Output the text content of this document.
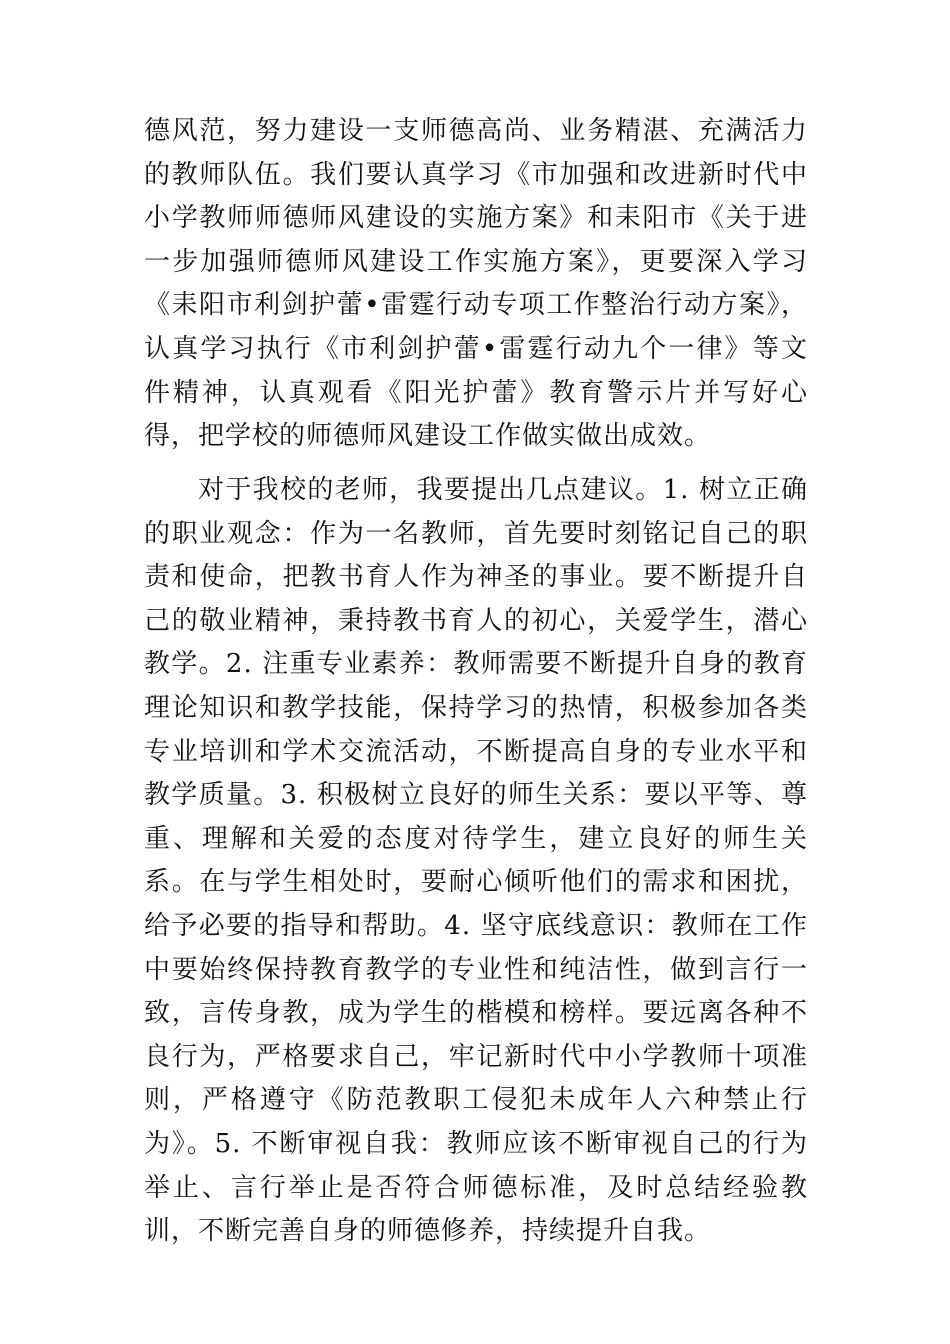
德风范，努力建设一支师德高尚、业务精湛、充满活力的教师队伍。我们要认真学习《市加强和改进新时代中小学教师师德师风建设的实施方案》和耒阳市《关于进一步加强师德师风建设工作实施方案》，更要深入学习《耒阳市利剑护蕾•雷霆行动专项工作整治行动方案》，认真学习执行《市利剑护蕾•雷霆行动九个一律》等文件精神，认真观看《阳光护蕾》教育警示片并写好心得，把学校的师德师风建设工作做实做出成效。

对于我校的老师，我要提出几点建议。1. 树立正确的职业观念：作为一名教师，首先要时刻铭记自己的职责和使命，把教书育人作为神圣的事业。要不断提升自己的敬业精神，秉持教书育人的初心，关爱学生，潜心教学。2. 注重专业素养：教师需要不断提升自身的教育理论知识和教学技能，保持学习的热情，积极参加各类专业培训和学术交流活动，不断提高自身的专业水平和教学质量。3. 积极树立良好的师生关系：要以平等、尊重、理解和关爱的态度对待学生，建立良好的师生关系。在与学生相处时，要耐心倾听他们的需求和困扰，给予必要的指导和帮助。4. 坚守底线意识：教师在工作中要始终保持教育教学的专业性和纯洁性，做到言行一致，言传身教，成为学生的楷模和榜样。要远离各种不良行为，严格要求自己，牢记新时代中小学教师十项准则，严格遵守《防范教职工侵犯未成年人六种禁止行为》。5. 不断审视自我：教师应该不断审视自己的行为举止、言行举止是否符合师德标准，及时总结经验教训，不断完善自身的师德修养，持续提升自我。
